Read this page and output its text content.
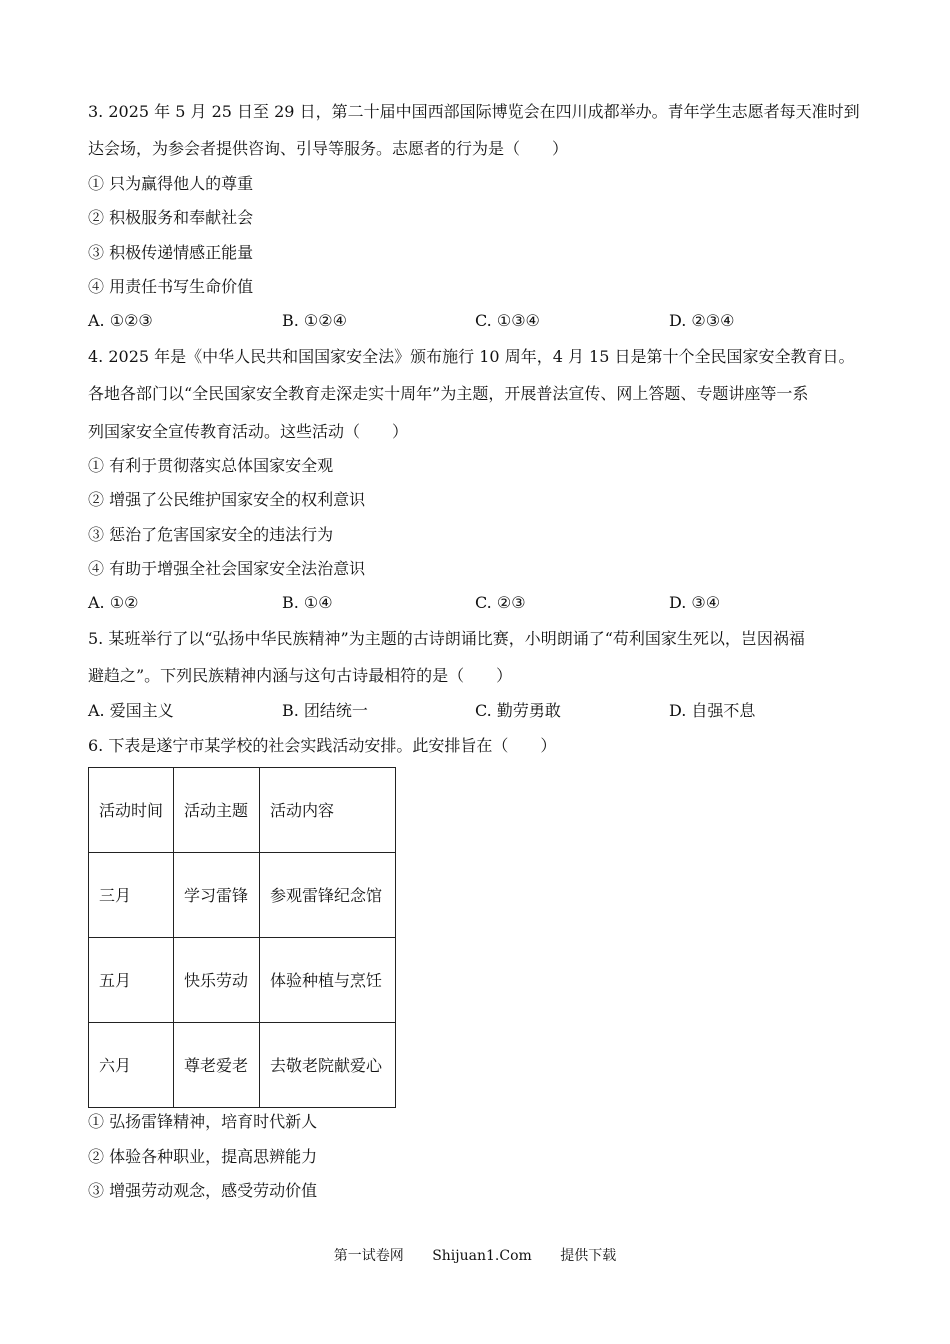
3. 2025 年 5 月 25 日至 29 日，第二十届中国西部国际博览会在四川成都举办。青年学生志愿者每天准时到
达会场，为参会者提供咨询、引导等服务。志愿者的行为是（　　）
① 只为赢得他人的尊重
② 积极服务和奉献社会
③ 积极传递情感正能量
④ 用责任书写生命价值
A. ①②③	B. ①②④	C. ①③④	D. ②③④
4. 2025 年是《中华人民共和国国家安全法》颁布施行 10 周年，4 月 15 日是第十个全民国家安全教育日。
各地各部门以“全民国家安全教育走深走实十周年”为主题，开展普法宣传、网上答题、专题讲座等一系
列国家安全宣传教育活动。这些活动（　　）
① 有利于贯彻落实总体国家安全观
② 增强了公民维护国家安全的权利意识
③ 惩治了危害国家安全的违法行为
④ 有助于增强全社会国家安全法治意识
A. ①②	B. ①④	C. ②③	D. ③④
5. 某班举行了以“弘扬中华民族精神”为主题的古诗朗诵比赛，小明朗诵了“苟利国家生死以，岂因祸福
避趋之”。下列民族精神内涵与这句古诗最相符的是（　　）
A. 爱国主义	B. 团结统一	C. 勤劳勇敢	D. 自强不息
6. 下表是遂宁市某学校的社会实践活动安排。此安排旨在（　　）
活动时间	活动主题	活动内容
三月	学习雷锋	参观雷锋纪念馆
五月	快乐劳动	体验种植与烹饪
六月	尊老爱老	去敬老院献爱心
① 弘扬雷锋精神，培育时代新人
② 体验各种职业，提高思辨能力
③ 增强劳动观念，感受劳动价值
第一试卷网 Shijuan1.Com 提供下载
